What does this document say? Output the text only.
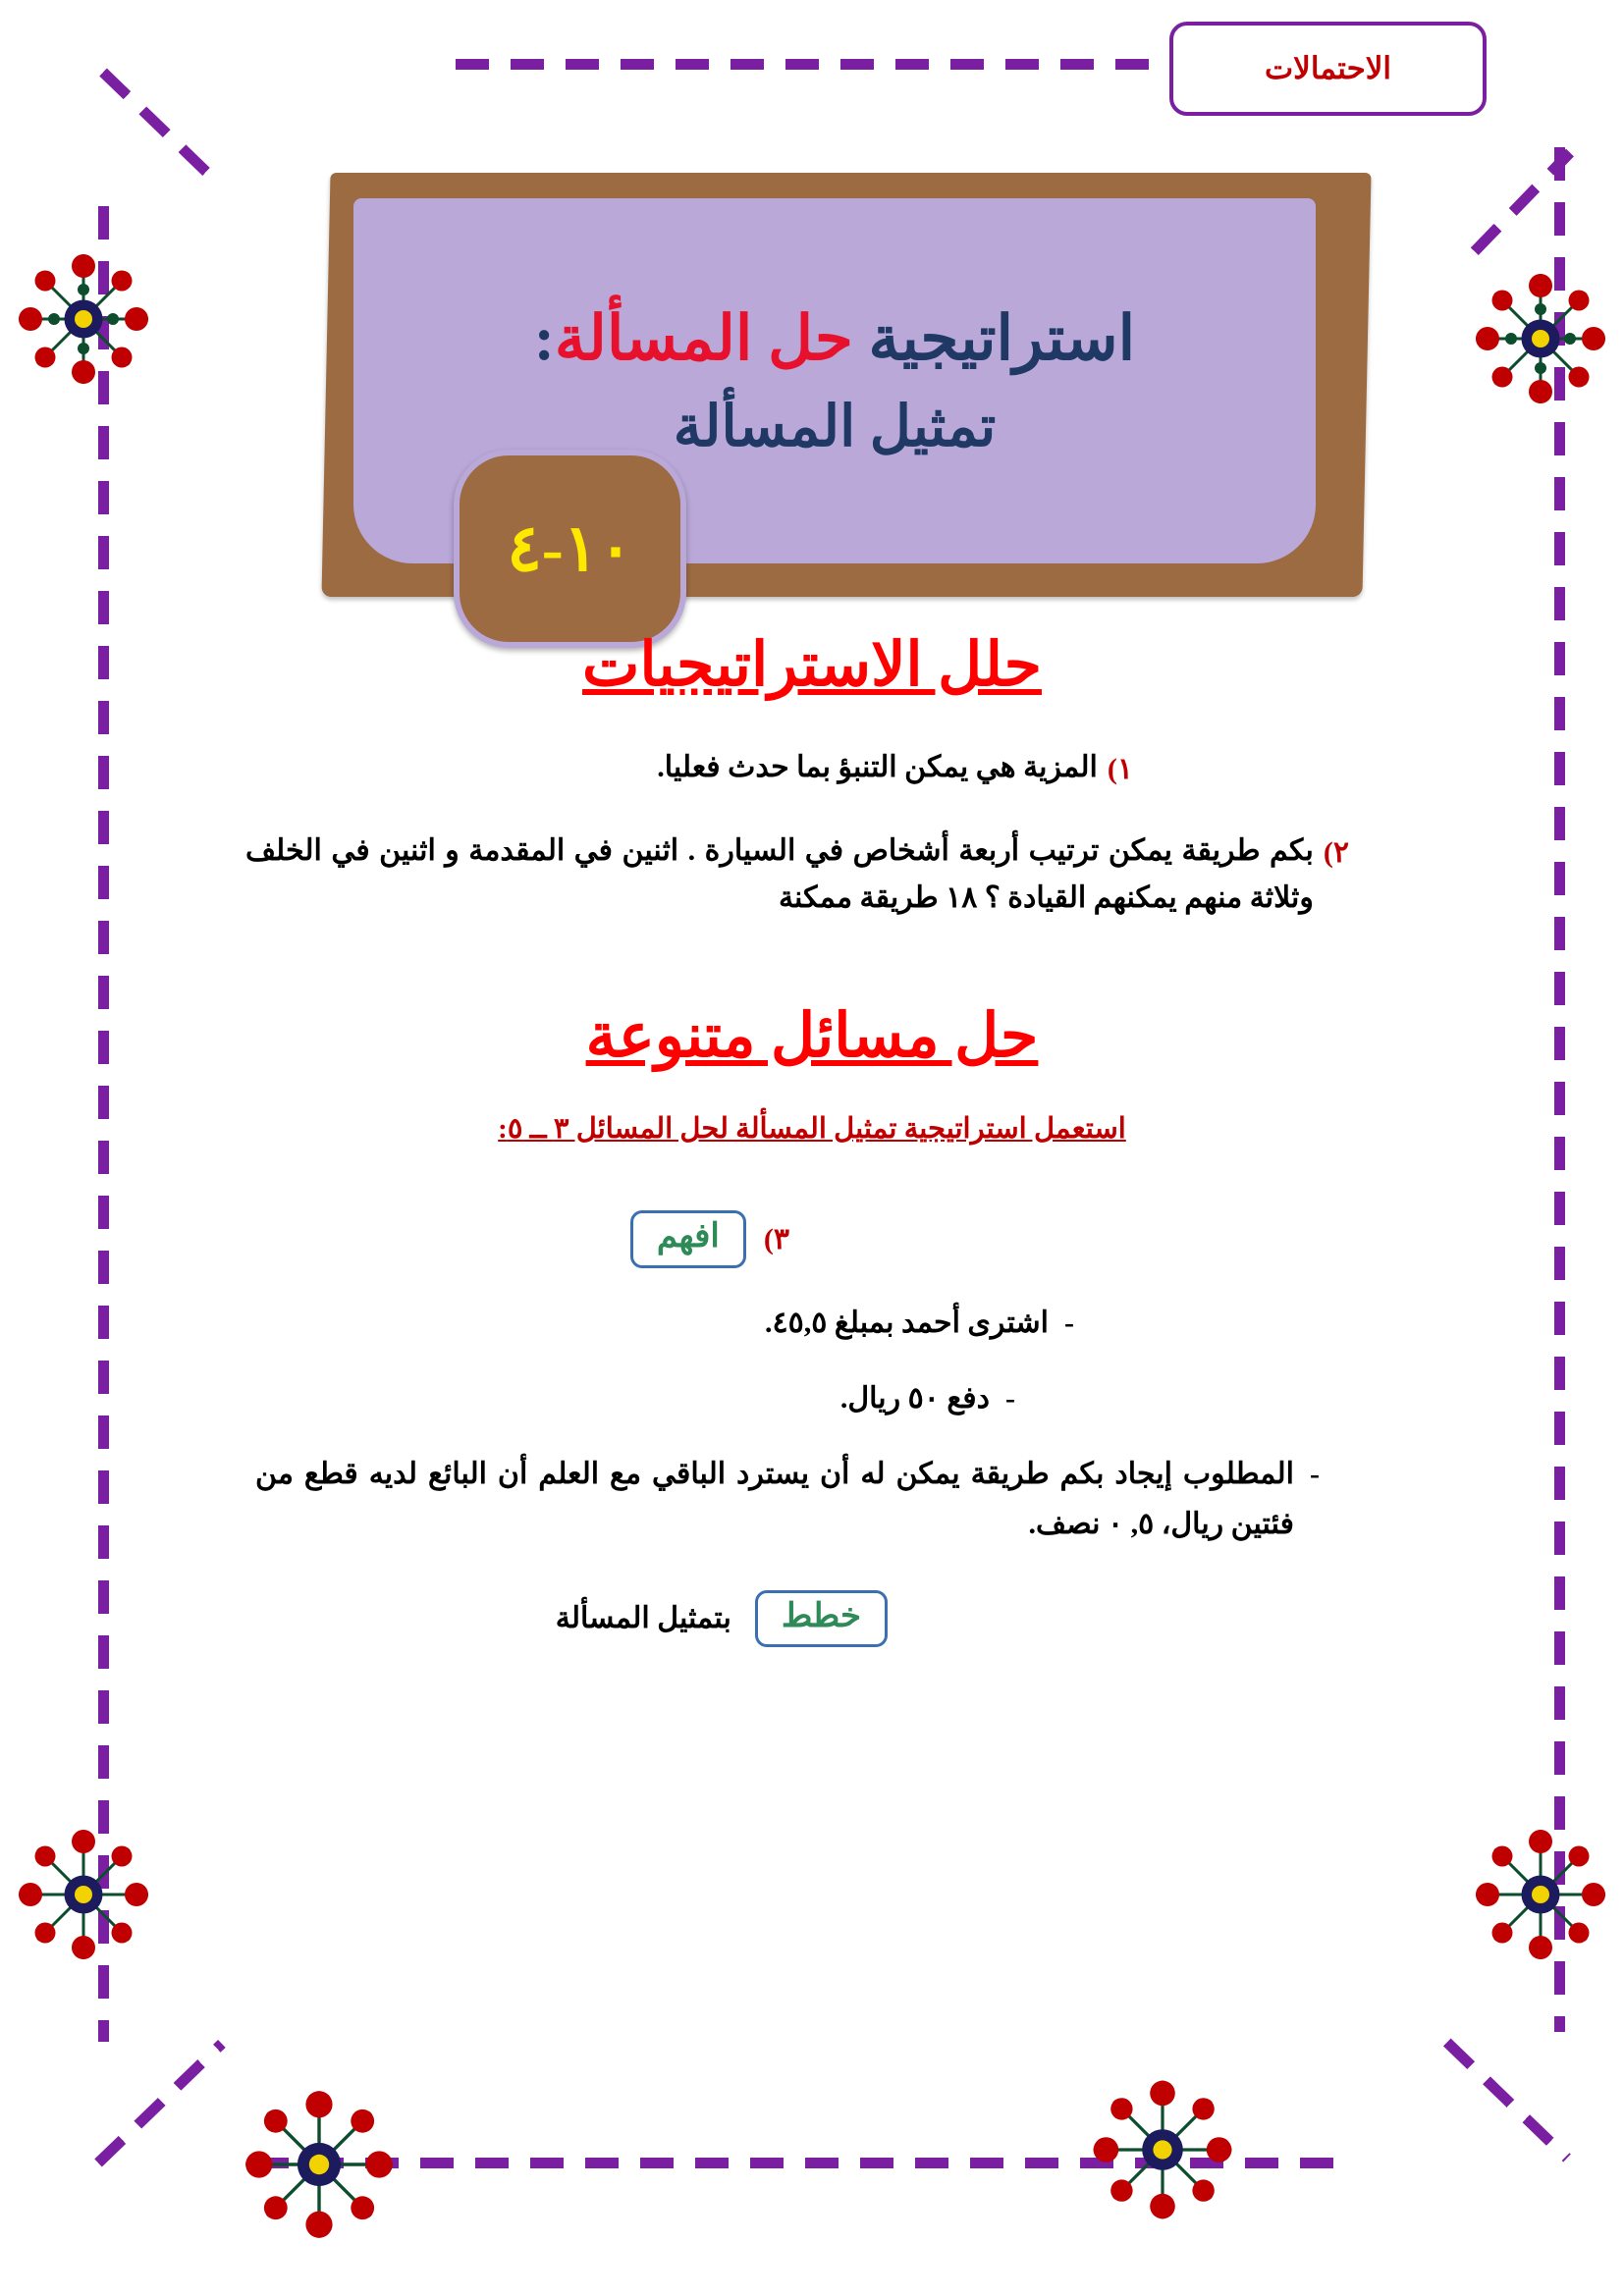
الاحتمالات
استراتيجية حل المسألة:
تمثيل المسألة
١٠-٤
حلل الاستراتيجيات
١ )
المزية هي يمكن التنبؤ بما حدث فعليا.
٢ )
بكم طريقة يمكن ترتيب أربعة أشخاص في السيارة . اثنين في المقدمة و اثنين في الخلف وثلاثة منهم يمكنهم القيادة ؟ ١٨ طريقة ممكنة
حل مسائل متنوعة
استعمل استراتيجية تمثيل المسألة لحل المسائل ٣ ــ ٥:
٣ )
افهم
-
اشترى أحمد بمبلغ ٤٥,٥.
-
دفع ٥٠ ريال.
-
المطلوب إيجاد بكم طريقة يمكن له أن يسترد الباقي مع العلم أن البائع لديه قطع من فئتين ريال، ٥, ٠ نصف.
خطط
بتمثيل المسألة
